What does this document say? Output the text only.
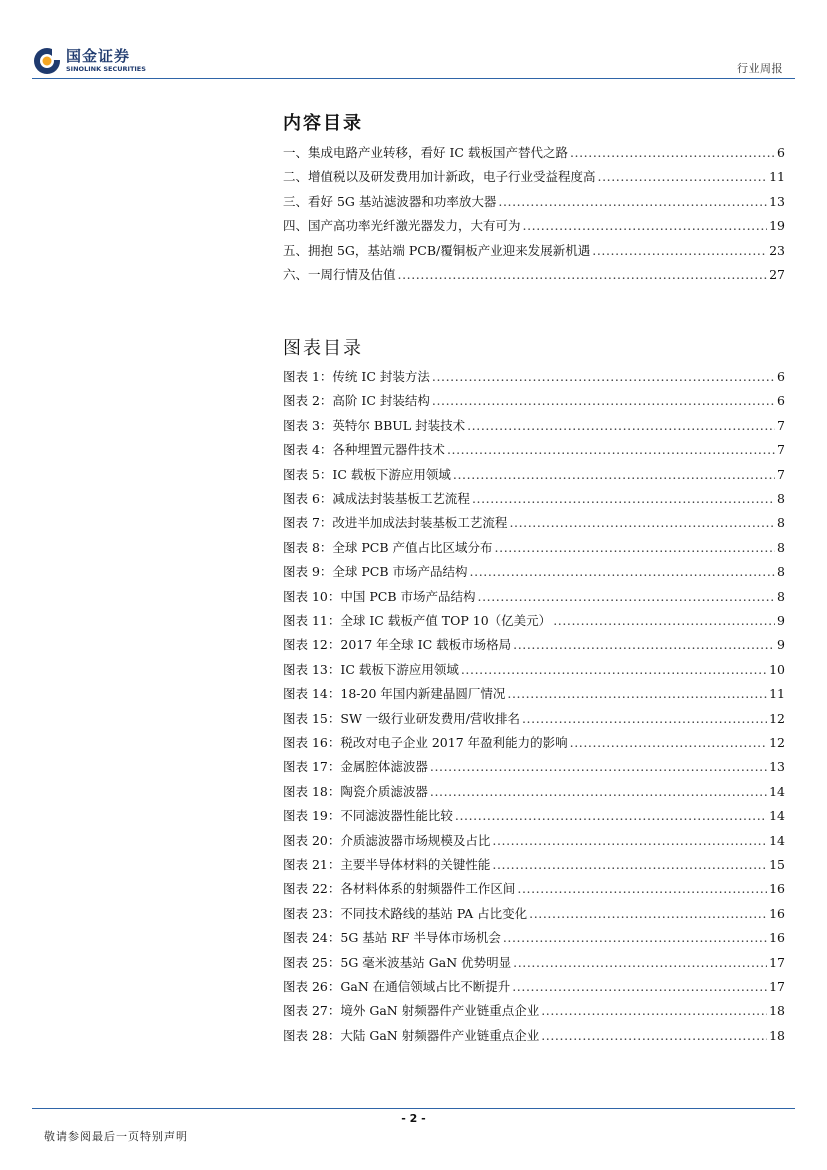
国金证券
SINOLINK SECURITIES	行业周报
内容目录
一、集成电路产业转移，看好 IC 载板国产替代之路 .....	6
二、增值税以及研发费用加计新政，电子行业受益程度高 .....	11
三、看好 5G 基站滤波器和功率放大器 .....	13
四、国产高功率光纤激光器发力，大有可为 .....	19
五、拥抱 5G，基站端 PCB/覆铜板产业迎来发展新机遇 .....	23
六、一周行情及估值 .....	27
图表目录
图表 1：传统 IC 封装方法 .....	6
图表 2：高阶 IC 封装结构 .....	6
图表 3：英特尔 BBUL 封装技术 .....	7
图表 4：各种埋置元器件技术 .....	7
图表 5：IC 载板下游应用领域 .....	7
图表 6：减成法封装基板工艺流程 .....	8
图表 7：改进半加成法封装基板工艺流程 .....	8
图表 8：全球 PCB 产值占比区域分布 .....	8
图表 9：全球 PCB 市场产品结构 .....	8
图表 10：中国 PCB 市场产品结构 .....	8
图表 11：全球 IC 载板产值 TOP 10（亿美元） .....	9
图表 12：2017 年全球 IC 载板市场格局 .....	9
图表 13：IC 载板下游应用领域 .....	10
图表 14：18-20 年国内新建晶圆厂情况 .....	11
图表 15：SW 一级行业研发费用/营收排名 .....	12
图表 16：税改对电子企业 2017 年盈利能力的影响 .....	12
图表 17：金属腔体滤波器 .....	13
图表 18：陶瓷介质滤波器 .....	14
图表 19：不同滤波器性能比较 .....	14
图表 20：介质滤波器市场规模及占比 .....	14
图表 21：主要半导体材料的关键性能 .....	15
图表 22：各材料体系的射频器件工作区间 .....	16
图表 23：不同技术路线的基站 PA 占比变化 .....	16
图表 24：5G 基站 RF 半导体市场机会 .....	16
图表 25：5G 毫米波基站 GaN 优势明显 .....	17
图表 26：GaN 在通信领域占比不断提升 .....	17
图表 27：境外 GaN 射频器件产业链重点企业 .....	18
图表 28：大陆 GaN 射频器件产业链重点企业 .....	18
- 2 -
敬请参阅最后一页特别声明
